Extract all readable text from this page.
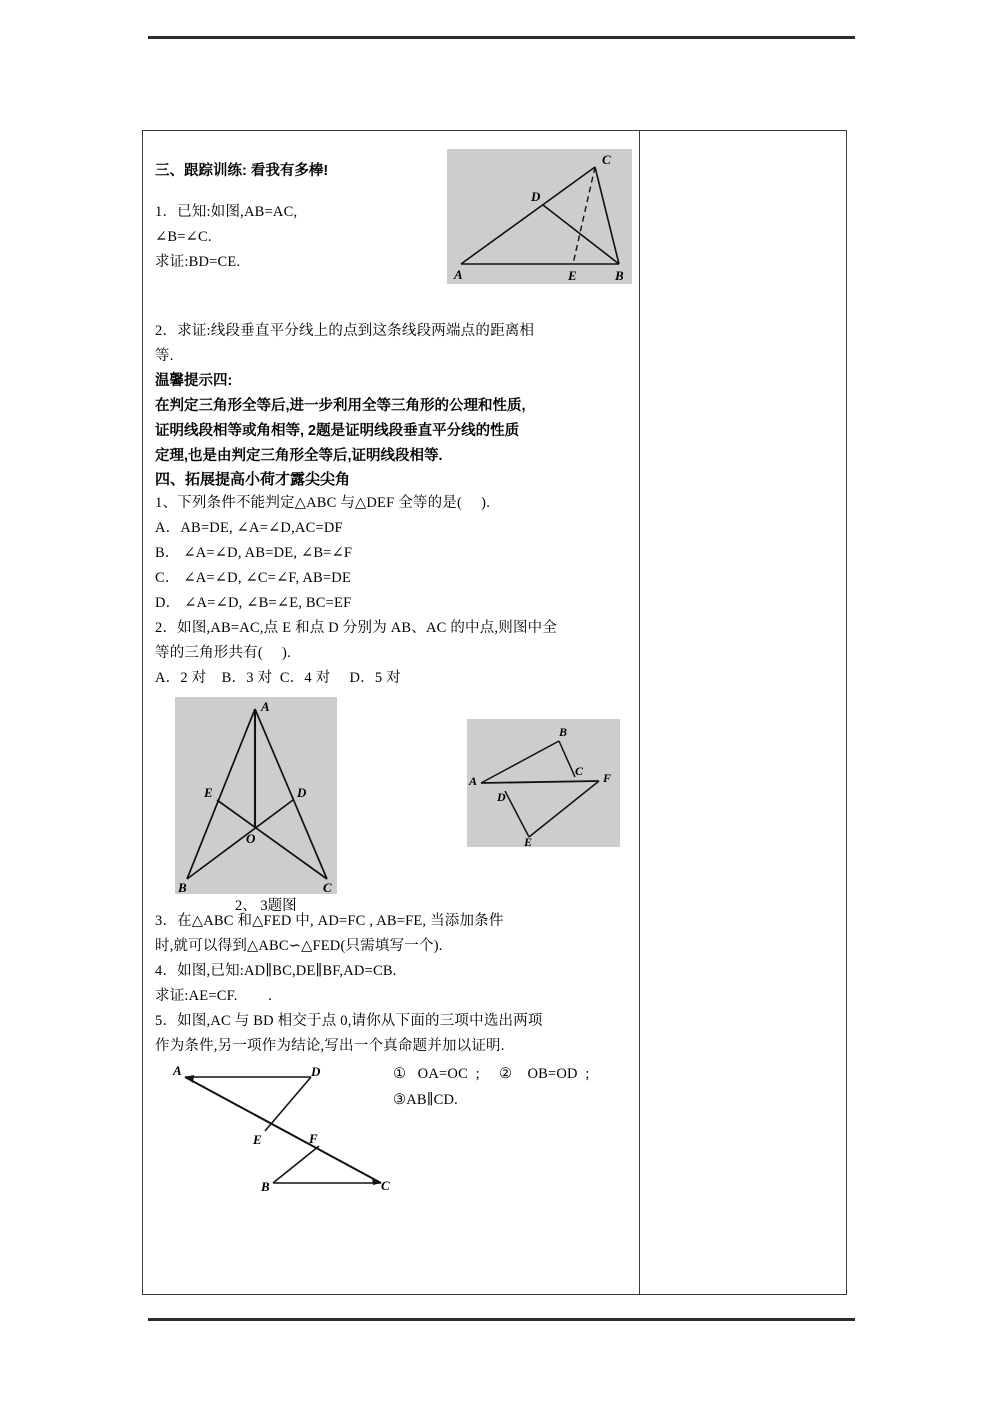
三、跟踪训练: 看我有多棒!
1．已知:如图,AB=AC,
∠B=∠C.
求证:BD=CE.
A	B
C
D
E
2．求证:线段垂直平分线上的点到这条线段两端点的距离相
等.
温馨提示四:
在判定三角形全等后,进一步利用全等三角形的公理和性质,
证明线段相等或角相等, 2题是证明线段垂直平分线的性质
定理,也是由判定三角形全等后,证明线段相等.
四、拓展提高小荷才露尖尖角
1、下列条件不能判定△ABC 与△DEF 全等的是(     ).
A．AB=DE, ∠A=∠D,AC=DF
B． ∠A=∠D, AB=DE, ∠B=∠F
C． ∠A=∠D, ∠C=∠F, AB=DE
D． ∠A=∠D, ∠B=∠E, BC=EF
2．如图,AB=AC,点 E 和点 D 分别为 AB、AC 的中点,则图中全
等的三角形共有(     ).
A．2 对    B．3 对  C．4 对     D．5 对
A
B	C
E	D
O
A
B
C
D
E
F
2、 3题图
3．在△ABC 和△FED 中, AD=FC , AB=FE, 当添加条件
时,就可以得到△ABC∽△FED(只需填写一个).
4．如图,已知:AD∥BC,DE∥BF,AD=CB.
求证:AE=CF.        .
5．如图,AC 与 BD 相交于点 0,请你从下面的三项中选出两项
作为条件,另一项作为结论,写出一个真命题并加以证明.
A	D
E	F
B	C
①   OA=OC  ;     ②    OB=OD  ;
③AB∥CD.
